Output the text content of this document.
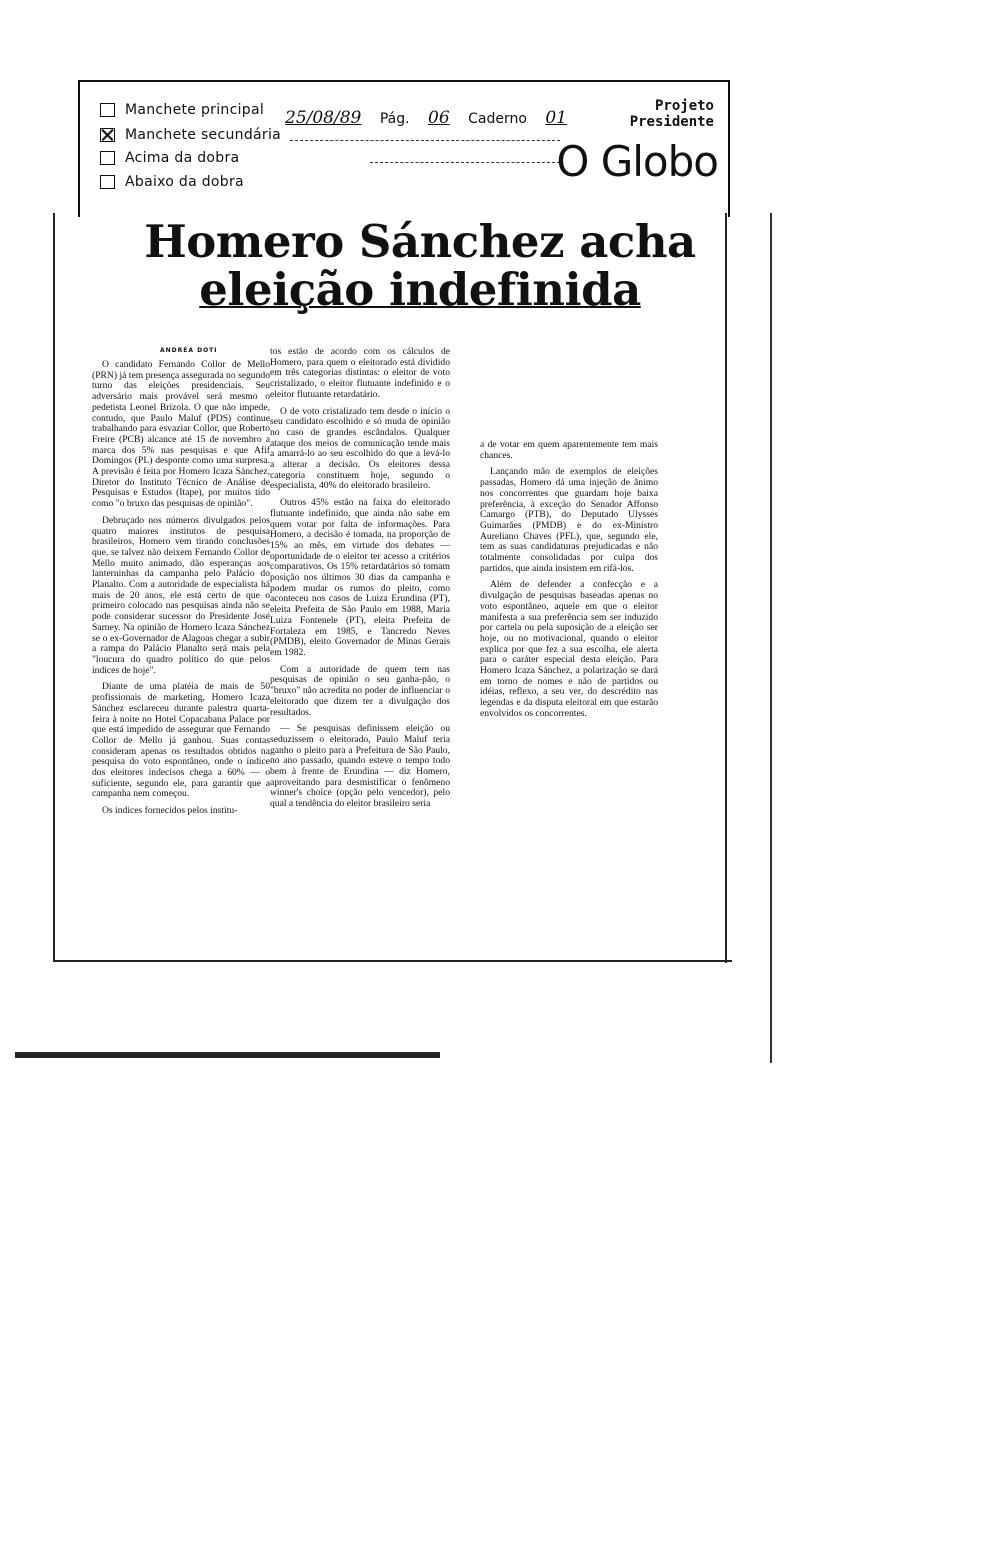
Manchete principal
Manchete secundária
Acima da dobra
Abaixo da dobra
Projeto
Presidente
O Globo
25/08/89 Pág. 06 Caderno 01
Homero Sánchez acha
eleição indefinida
ANDRÉA DOTI

O candidato Fernando Collor de Mello (PRN) já tem presença assegurada no segundo turno das eleições presidenciais. Seu adversário mais provável será mesmo o pedetista Leonel Brizola. O que não impede, contudo, que Paulo Maluf (PDS) continue trabalhando para esvaziar Collor, que Roberto Freire (PCB) alcance até 15 de novembro a marca dos 5% nas pesquisas e que Afif Domingos (PL) desponte como uma surpresa. A previsão é feita por Homero Icaza Sánchez, Diretor do Instituto Técnico de Análise de Pesquisas e Estudos (Itape), por muitos tido como "o bruxo das pesquisas de opinião".

Debruçado nos números divulgados pelos quatro maiores institutos de pesquisa brasileiros, Homero vem tirando conclusões que, se talvez não deixem Fernando Collor de Mello muito animado, dão esperanças aos lanterninhas da campanha pelo Palácio do Planalto. Com a autoridade de especialista há mais de 20 anos, ele está certo de que o primeiro colocado nas pesquisas ainda não se pode considerar sucessor do Presidente José Sarney. Na opinião de Homero Icaza Sánchez se o ex-Governador de Alagoas chegar a subir a rampa do Palácio Planalto será mais pela "loucura do quadro político do que pelos índices de hoje".

Diante de uma platéia de mais de 50 profissionais de marketing, Homero Icaza Sánchez esclareceu durante palestra quarta-feira à noite no Hotel Copacabana Palace por que está impedido de assegurar que Fernando Collor de Mello já ganhou. Suas contas consideram apenas os resultados obtidos na pesquisa do voto espontâneo, onde o índice dos eleitores indecisos chega a 60% — o suficiente, segundo ele, para garantir que a campanha nem começou.

Os índices fornecidos pelos institu-

tos estão de acordo com os cálculos de Homero, para quem o eleitorado está dividido em três categorias distintas: o eleitor de voto cristalizado, o eleitor flutuante indefinido e o eleitor flutuante retardatário.

O de voto cristalizado tem desde o início o seu candidato escolhido e só muda de opinião no caso de grandes escândalos. Qualquer ataque dos meios de comunicação tende mais a amarrá-lo ao seu escolhido do que a levá-lo a alterar a decisão. Os eleitores dessa categoria constituem hoje, segundo o especialista, 40% do eleitorado brasileiro.

Outros 45% estão na faixa do eleitorado flutuante indefinido, que ainda não sabe em quem votar por falta de informações. Para Homero, a decisão é tomada, na proporção de 15% ao mês, em virtude dos debates — oportunidade de o eleitor ter acesso a critérios comparativos. Os 15% retardatários só tomam posição nos últimos 30 dias da campanha e podem mudar os rumos do pleito, como aconteceu nos casos de Luiza Erundina (PT), eleita Prefeita de São Paulo em 1988, Maria Luiza Fontenele (PT), eleita Prefeita de Fortaleza em 1985, e Tancredo Neves (PMDB), eleito Governador de Minas Gerais em 1982.

Com a autoridade de quem tem nas pesquisas de opinião o seu ganha-pão, o "bruxo" não acredita no poder de influenciar o eleitorado que dizem ter a divulgação dos resultados.

— Se pesquisas definissem eleição ou seduzissem o eleitorado, Paulo Maluf teria ganho o pleito para a Prefeitura de São Paulo, no ano passado, quando esteve o tempo todo bem à frente de Erundina — diz Homero, aproveitando para desmistificar o fenômeno winner's choice (opção pelo vencedor), pelo qual a tendência do eleitor brasileiro seria

a de votar em quem aparentemente tem mais chances.

Lançando mão de exemplos de eleições passadas, Homero dá uma injeção de ânimo nos concorrentes que guardam hoje baixa preferência, à exceção do Senador Affonso Camargo (PTB), do Deputado Ulysses Guimarães (PMDB) e do ex-Ministro Aureliano Chaves (PFL), que, segundo ele, tem as suas candidaturas prejudicadas e não totalmente consolidadas por culpa dos partidos, que ainda insistem em rifá-los.

Além de defender a confecção e a divulgação de pesquisas baseadas apenas no voto espontâneo, aquele em que o eleitor manifesta a sua preferência sem ser induzido por cartela ou pela suposição de a eleição ser hoje, ou no motivacional, quando o eleitor explica por que fez a sua escolha, ele alerta para o caráter especial desta eleição. Para Homero Icaza Sánchez, a polarização se dará em torno de nomes e não de partidos ou idéias, reflexo, a seu ver, do descrédito nas legendas e da disputa eleitoral em que estarão envolvidos os concorrentes.
